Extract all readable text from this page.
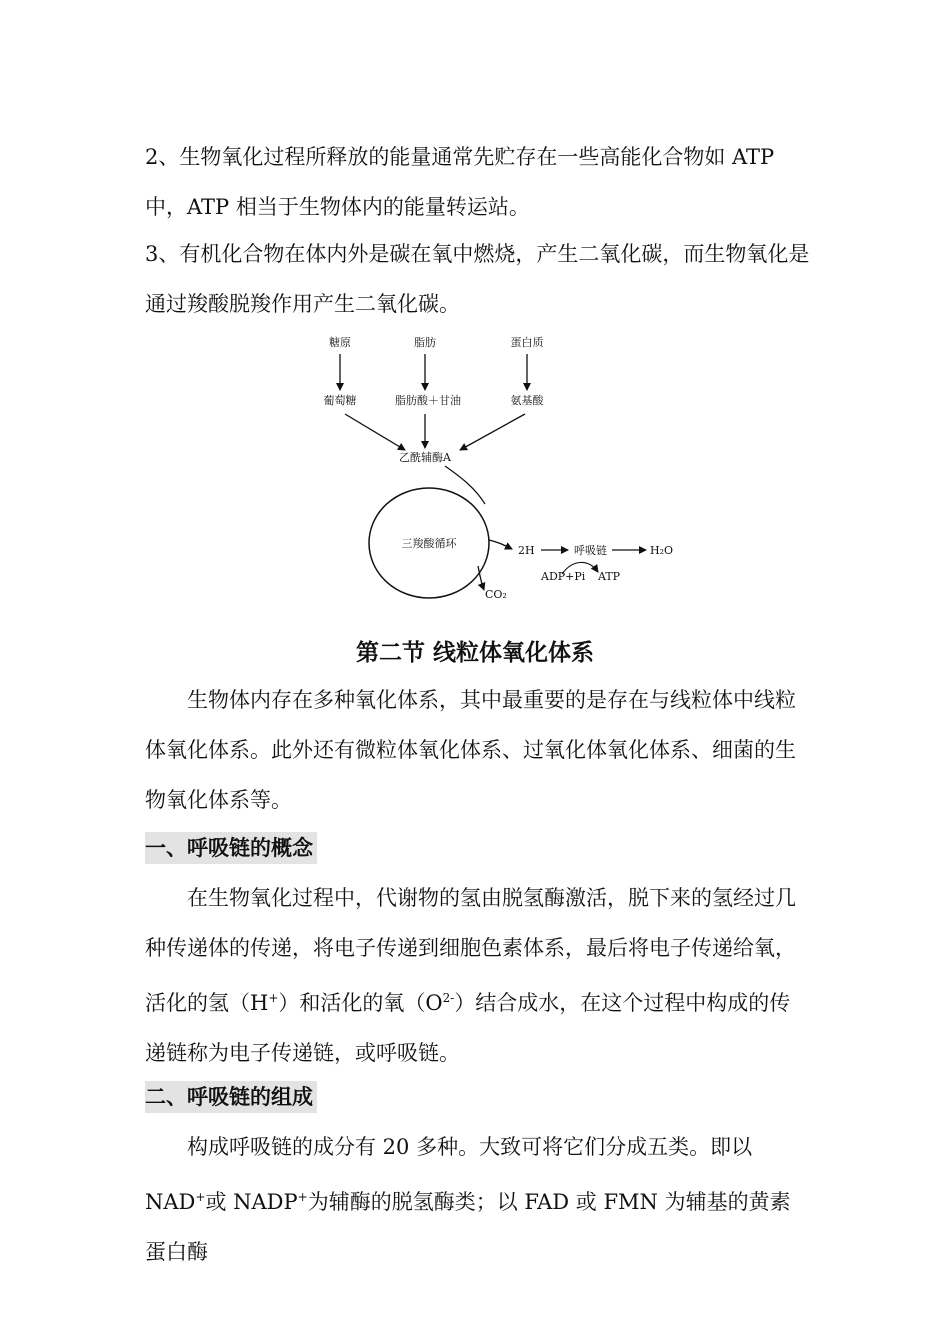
2、生物氧化过程所释放的能量通常先贮存在一些高能化合物如 ATP 中，ATP 相当于生物体内的能量转运站。

3、有机化合物在体内外是碳在氧中燃烧，产生二氧化碳，而生物氧化是通过羧酸脱羧作用产生二氧化碳。

糖原	脂肪	蛋白质
葡萄糖	脂肪酸＋甘油	氨基酸
乙酰辅酶A
三羧酸循环
2H	呼吸链	H₂O
ADP+Pi ATP
CO₂
第二节 线粒体氧化体系

生物体内存在多种氧化体系，其中最重要的是存在与线粒体中线粒体氧化体系。此外还有微粒体氧化体系、过氧化体氧化体系、细菌的生物氧化体系等。

一、呼吸链的概念

在生物氧化过程中，代谢物的氢由脱氢酶激活，脱下来的氢经过几种传递体的传递，将电子传递到细胞色素体系，最后将电子传递给氧，活化的氢（H+）和活化的氧$(O^{2-})$结合成水，在这个过程中构成的传递链称为电子传递链，或呼吸链。

二、呼吸链的组成

构成呼吸链的成分有 20 多种。大致可将它们分成五类。即以 NAD+或 NADP+为辅酶的脱氢酶类；以 FAD 或 FMN 为辅基的黄素蛋白酶
